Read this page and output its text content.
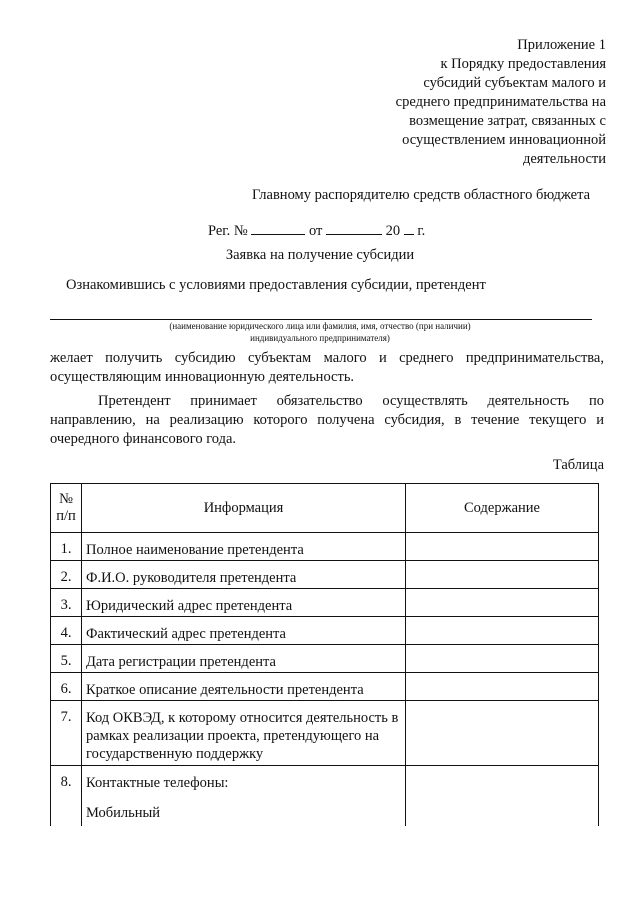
Приложение 1
к Порядку предоставления
субсидий субъектам малого и
среднего предпринимательства на
возмещение затрат, связанных с
осуществлением инновационной
деятельности
Главному распорядителю средств областного бюджета
Рег. №	от	20 г.
Заявка на получение субсидии
Ознакомившись с условиями предоставления субсидии, претендент
(наименование юридического лица или фамилия, имя, отчество (при наличии)
индивидуального предпринимателя)
желает получить субсидию субъектам малого и среднего предпринимательства, осуществляющим инновационную деятельность.
Претендент принимает обязательство осуществлять деятельность по направлению, на реализацию которого получена субсидия, в течение текущего и очередного финансового года.
Таблица
№
п/п	Информация	Содержание
1.	Полное наименование претендента	
2.	Ф.И.О. руководителя претендента	
3.	Юридический адрес претендента	
4.	Фактический адрес претендента	
5.	Дата регистрации претендента	
6.	Краткое описание деятельности претендента	
7.	Код ОКВЭД, к которому относится деятельность в рамках реализации проекта, претендующего на государственную поддержку	
8.	Контактные телефоны:
Мобильный	
